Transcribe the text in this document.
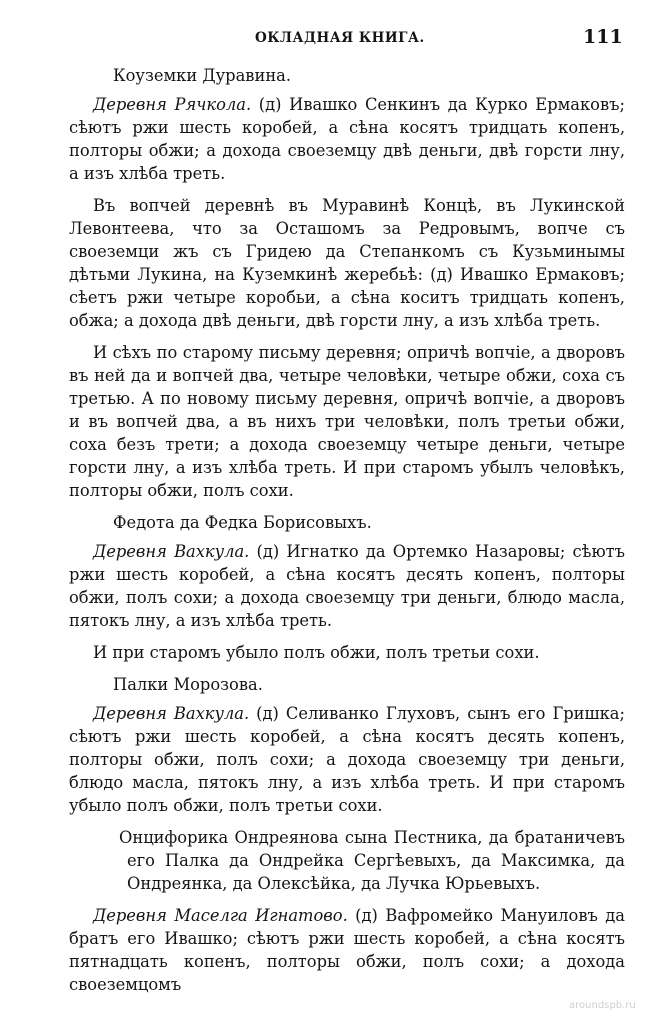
ОКЛАДНАЯ КНИГА.	111

Коуземки Дуравина.

Деревня Рячкола. (д) Ивашко Сенкинъ да Курко Ермаковъ; сѣютъ ржи шесть коробей, а сѣна косятъ тридцать копенъ, полторы обжи; а дохода своеземцу двѣ деньги, двѣ горсти лну, а изъ хлѣба треть.

Въ вопчей деревнѣ въ Муравинѣ Концѣ, въ Лукинской Левонтеева, что за Осташомъ за Редровымъ, вопче съ своеземци жъ съ Гридею да Степанкомъ съ Кузьминымы дѣтьми Лукина, на Куземкинѣ жеребьѣ: (д) Ивашко Ермаковъ; сѣетъ ржи четыре коробьи, а сѣна коситъ тридцать копенъ, обжа; а дохода двѣ деньги, двѣ горсти лну, а изъ хлѣба треть.

И сѣхъ по старому письму деревня; опричѣ вопчіе, а дворовъ въ ней да и вопчей два, четыре человѣки, четыре обжи, соха съ третью. А по новому письму деревня, опричѣ вопчіе, а дворовъ и въ вопчей два, а въ нихъ три человѣки, полъ третьи обжи, соха безъ трети; а дохода своеземцу четыре деньги, четыре горсти лну, а изъ хлѣба треть. И при старомъ убылъ человѣкъ, полторы обжи, полъ сохи.

Федота да Федка Борисовыхъ.

Деревня Вахкула. (д) Игнатко да Ортемко Назаровы; сѣютъ ржи шесть коробей, а сѣна косятъ десять копенъ, полторы обжи, полъ сохи; а дохода своеземцу три деньги, блюдо масла, пятокъ лну, а изъ хлѣба треть.

И при старомъ убыло полъ обжи, полъ третьи сохи.

Палки Морозова.

Деревня Вахкула. (д) Селиванко Глуховъ, сынъ его Гришка; сѣютъ ржи шесть коробей, а сѣна косятъ десять копенъ, полторы обжи, полъ сохи; а дохода своеземцу три деньги, блюдо масла, пятокъ лну, а изъ хлѣба треть. И при старомъ убыло полъ обжи, полъ третьи сохи.

Онцифорика Ондреянова сына Пестника, да братаничевъ его Палка да Ондрейка Сергѣевыхъ, да Максимка, да Ондреянка, да Олексѣйка, да Лучка Юрьевыхъ.

Деревня Маселга Игнатово. (д) Вафромейко Мануиловъ да братъ его Ивашко; сѣютъ ржи шесть коробей, а сѣна косятъ пятнадцать копенъ, полторы обжи, полъ сохи; а дохода своеземцомъ

aroundspb.ru
